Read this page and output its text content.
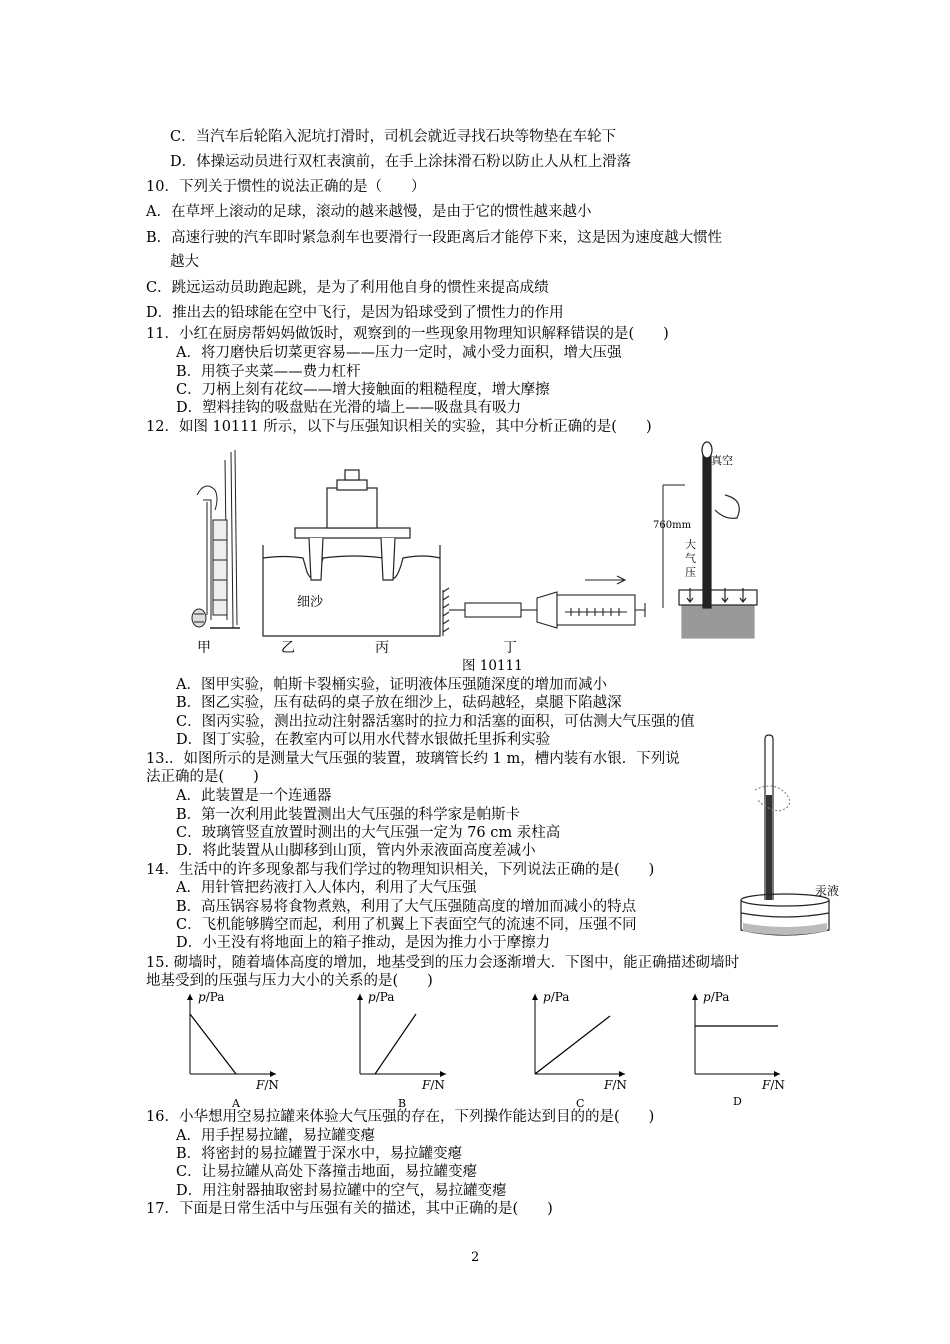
C．当汽车后轮陷入泥坑打滑时，司机会就近寻找石块等物垫在车轮下
D．体操运动员进行双杠表演前，在手上涂抹滑石粉以防止人从杠上滑落
10．下列关于惯性的说法正确的是（　　）
A．在草坪上滚动的足球，滚动的越来越慢，是由于它的惯性越来越小
B．高速行驶的汽车即时紧急刹车也要滑行一段距离后才能停下来，这是因为速度越大惯性
越大
C．跳远运动员助跑起跳，是为了利用他自身的惯性来提高成绩
D．推出去的铅球能在空中飞行，是因为铅球受到了惯性力的作用
11．小红在厨房帮妈妈做饭时，观察到的一些现象用物理知识解释错误的是(　　)
A．将刀磨快后切菜更容易——压力一定时，减小受力面积，增大压强
B．用筷子夹菜——费力杠杆
C．刀柄上刻有花纹——增大接触面的粗糙程度，增大摩擦
D．塑料挂钩的吸盘贴在光滑的墙上——吸盘具有吸力
12．如图 10111 所示，以下与压强知识相关的实验，其中分析正确的是(　　)
甲
细沙
乙	丙	丁
真空
760mm
大
气
压
图 10111
A．图甲实验，帕斯卡裂桶实验，证明液体压强随深度的增加而减小
B．图乙实验，压有砝码的桌子放在细沙上，砝码越轻，桌腿下陷越深
C．图丙实验，测出拉动注射器活塞时的拉力和活塞的面积，可估测大气压强的值
D．图丁实验，在教室内可以用水代替水银做托里拆利实验
13.．如图所示的是测量大气压强的装置，玻璃管长约 1 m，槽内装有水银．下列说
法正确的是(　　)
A．此装置是一个连通器
B．第一次利用此装置测出大气压强的科学家是帕斯卡
C．玻璃管竖直放置时测出的大气压强一定为 76 cm 汞柱高
D．将此装置从山脚移到山顶，管内外汞液面高度差减小
汞液
14．生活中的许多现象都与我们学过的物理知识相关，下列说法正确的是(　　)
A．用针管把药液打入人体内，利用了大气压强
B．高压锅容易将食物煮熟，利用了大气压强随高度的增加而减小的特点
C．飞机能够腾空而起，利用了机翼上下表面空气的流速不同，压强不同
D．小王没有将地面上的箱子推动，是因为推力小于摩擦力
15. 砌墙时，随着墙体高度的增加，地基受到的压力会逐渐增大．下图中，能正确描述砌墙时
地基受到的压强与压力大小的关系的是(　　)
p/Pa
F/N
A
p/Pa
F/N
B
p/Pa
F/N
C
p/Pa
F/N
D
16．小华想用空易拉罐来体验大气压强的存在，下列操作能达到目的的是(　　)
A．用手捏易拉罐，易拉罐变瘪
B．将密封的易拉罐置于深水中，易拉罐变瘪
C．让易拉罐从高处下落撞击地面，易拉罐变瘪
D．用注射器抽取密封易拉罐中的空气，易拉罐变瘪
17．下面是日常生活中与压强有关的描述，其中正确的是(　　)
2
